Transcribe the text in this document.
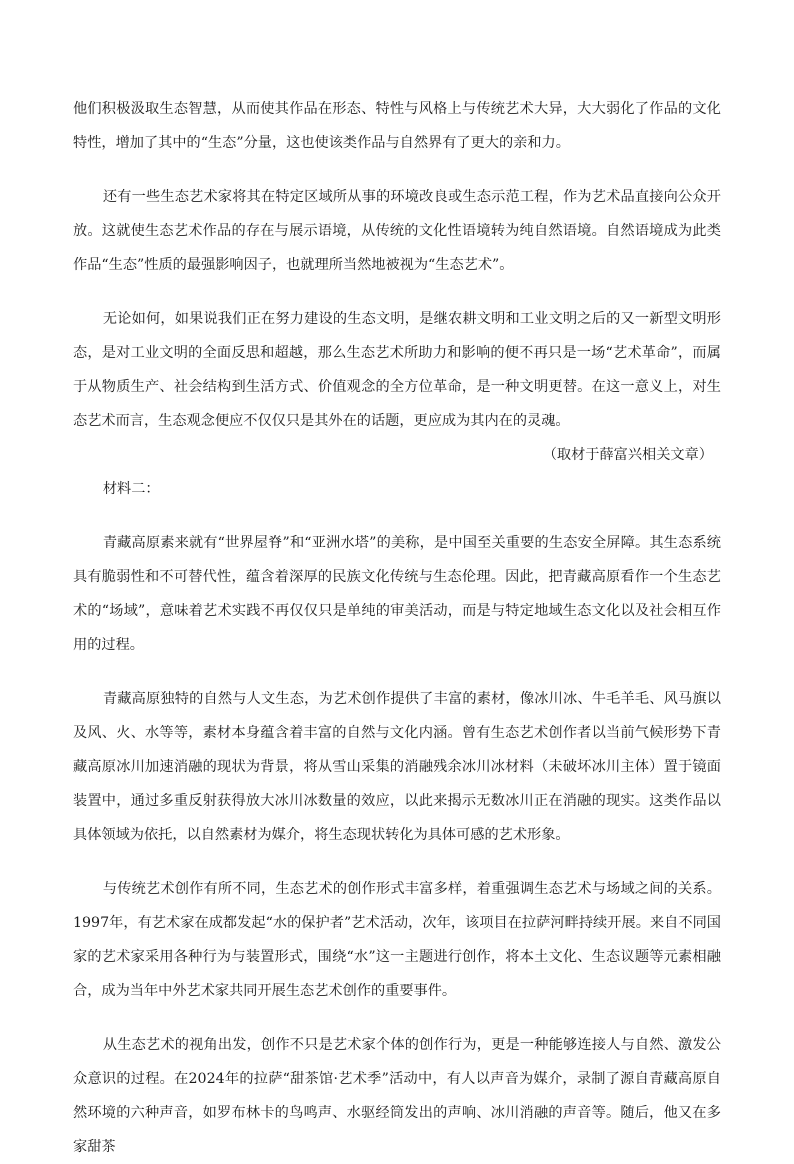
他们积极汲取生态智慧，从而使其作品在形态、特性与风格上与传统艺术大异，大大弱化了作品的文化特性，增加了其中的“生态”分量，这也使该类作品与自然界有了更大的亲和力。

还有一些生态艺术家将其在特定区域所从事的环境改良或生态示范工程，作为艺术品直接向公众开放。这就使生态艺术作品的存在与展示语境，从传统的文化性语境转为纯自然语境。自然语境成为此类作品“生态”性质的最强影响因子，也就理所当然地被视为“生态艺术”。

无论如何，如果说我们正在努力建设的生态文明，是继农耕文明和工业文明之后的又一新型文明形态，是对工业文明的全面反思和超越，那么生态艺术所助力和影响的便不再只是一场“艺术革命”，而属于从物质生产、社会结构到生活方式、价值观念的全方位革命，是一种文明更替。在这一意义上，对生态艺术而言，生态观念便应不仅仅只是其外在的话题，更应成为其内在的灵魂。

（取材于薛富兴相关文章）

材料二：

青藏高原素来就有“世界屋脊”和“亚洲水塔”的美称，是中国至关重要的生态安全屏障。其生态系统具有脆弱性和不可替代性，蕴含着深厚的民族文化传统与生态伦理。因此，把青藏高原看作一个生态艺术的“场域”，意味着艺术实践不再仅仅只是单纯的审美活动，而是与特定地域生态文化以及社会相互作用的过程。

青藏高原独特的自然与人文生态，为艺术创作提供了丰富的素材，像冰川冰、牛毛羊毛、风马旗以及风、火、水等等，素材本身蕴含着丰富的自然与文化内涵。曾有生态艺术创作者以当前气候形势下青藏高原冰川加速消融的现状为背景，将从雪山采集的消融残余冰川冰材料（未破坏冰川主体）置于镜面装置中，通过多重反射获得放大冰川冰数量的效应，以此来揭示无数冰川正在消融的现实。这类作品以具体领域为依托，以自然素材为媒介，将生态现状转化为具体可感的艺术形象。

与传统艺术创作有所不同，生态艺术的创作形式丰富多样，着重强调生态艺术与场域之间的关系。1997年，有艺术家在成都发起“水的保护者”艺术活动，次年，该项目在拉萨河畔持续开展。来自不同国家的艺术家采用各种行为与装置形式，围绕“水”这一主题进行创作，将本土文化、生态议题等元素相融合，成为当年中外艺术家共同开展生态艺术创作的重要事件。

从生态艺术的视角出发，创作不只是艺术家个体的创作行为，更是一种能够连接人与自然、激发公众意识的过程。在2024年的拉萨“甜茶馆·艺术季”活动中，有人以声音为媒介，录制了源自青藏高原自然环境的六种声音，如罗布林卡的鸟鸣声、水驱经筒发出的声响、冰川消融的声音等。随后，他又在多家甜茶
